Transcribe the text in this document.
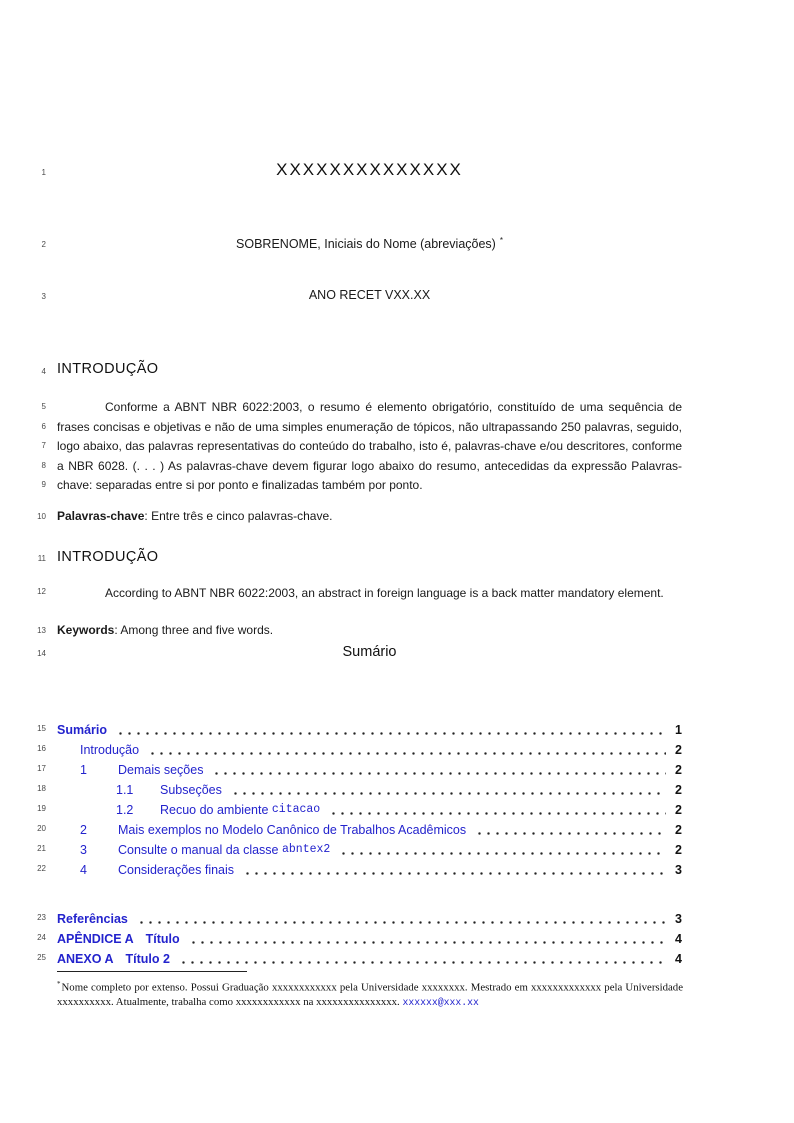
1
2
3
4
5
6
7
8
9
10
11
12
13
14
15
16
17
18
19
20
21
22
23
24
25
XXXXXXXXXXXXXX
SOBRENOME, Iniciais do Nome (abreviações) *
ANO RECET VXX.XX
INTRODUÇÃO
Conforme a ABNT NBR 6022:2003, o resumo é elemento obrigatório, constituído de uma sequência de frases concisas e objetivas e não de uma simples enumeração de tópicos, não ultrapassando 250 palavras, seguido, logo abaixo, das palavras representativas do conteúdo do trabalho, isto é, palavras-chave e/ou descritores, conforme a NBR 6028. (. . . ) As palavras-chave devem figurar logo abaixo do resumo, antecedidas da expressão Palavras-chave: separadas entre si por ponto e finalizadas também por ponto.
Palavras-chave: Entre três e cinco palavras-chave.
INTRODUÇÃO
According to ABNT NBR 6022:2003, an abstract in foreign language is a back matter mandatory element.
Keywords: Among three and five words.
Sumário
Sumário	1
Introdução	2
1	Demais seções	2
1.1	Subseções	2
1.2	Recuo do ambiente citacao	2
2	Mais exemplos no Modelo Canônico de Trabalhos Acadêmicos	2
3	Consulte o manual da classe abntex2	2
4	Considerações finais	3
Referências	3
APÊNDICE A Título	4
ANEXO A Título 2	4
*Nome completo por extenso. Possui Graduação xxxxxxxxxxxx pela Universidade xxxxxxxx. Mestrado em xxxxxxxxxxxxx pela Universidade xxxxxxxxxx. Atualmente, trabalha como xxxxxxxxxxxx na xxxxxxxxxxxxxxx. xxxxxx@xxx.xx
